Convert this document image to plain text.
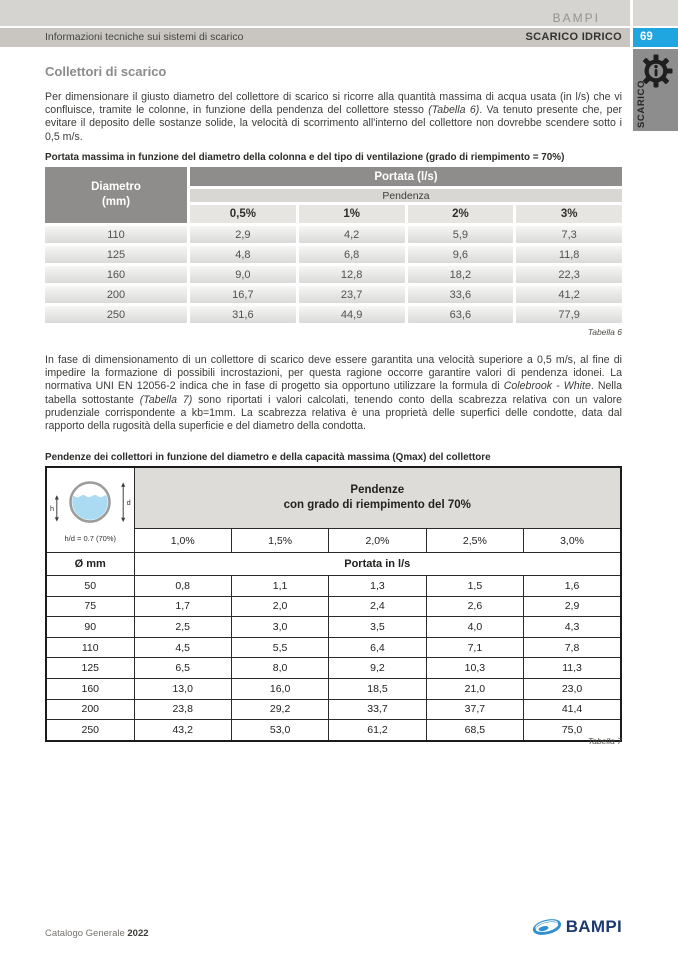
BAMPI
Informazioni tecniche sui sistemi di scarico	SCARICO IDRICO	69
SCARICO
Collettori di scarico
Per dimensionare il giusto diametro del collettore di scarico si ricorre alla quantità massima di acqua usata (in l/s) che vi confluisce, tramite le colonne, in funzione della pendenza del collettore stesso (Tabella 6). Va tenuto presente che, per evitare il deposito delle sostanze solide, la velocità di scorrimento all'interno del collettore non dovrebbe scendere sotto i 0,5 m/s.
Portata massima in funzione del diametro della colonna e del tipo di ventilazione (grado di riempimento = 70%)
Diametro
(mm)
Portata (l/s)
Pendenza
0,5%	1%	2%	3%
110	2,9	4,2	5,9	7,3
125	4,8	6,8	9,6	11,8
160	9,0	12,8	18,2	22,3
200	16,7	23,7	33,6	41,2
250	31,6	44,9	63,6	77,9
Tabella 6
In fase di dimensionamento di un collettore di scarico deve essere garantita una velocità superiore a 0,5 m/s, al fine di impedire la formazione di possibili incrostazioni, per questa ragione occorre garantire valori di pendenza idonei. La normativa UNI EN 12056-2 indica che in fase di progetto sia opportuno utilizzare la formula di Colebrook - White. Nella tabella sottostante (Tabella 7) sono riportati i valori calcolati, tenendo conto della scabrezza relativa con un valore prudenziale corrispondente a kb=1mm. La scabrezza relativa è una proprietà delle superfici delle condotte, data dal rapporto della rugosità della superficie e del diametro della condotta.
Pendenze dei collettori in funzione del diametro e della capacità massima (Qmax) del collettore
h
d
h/d = 0.7 (70%)

Pendenze
con grado di riempimento del 70%

	1,0%	1,5%	2,0%	2,5%	3,0%
Ø mm	Portata in l/s				
50	0,8	1,1	1,3	1,5	1,6
75	1,7	2,0	2,4	2,6	2,9
90	2,5	3,0	3,5	4,0	4,3
110	4,5	5,5	6,4	7,1	7,8
125	6,5	8,0	9,2	10,3	11,3
160	13,0	16,0	18,5	21,0	23,0
200	23,8	29,2	33,7	37,7	41,4
250	43,2	53,0	61,2	68,5	75,0
Tabella 7
Catalogo Generale 2022	BAMPI
